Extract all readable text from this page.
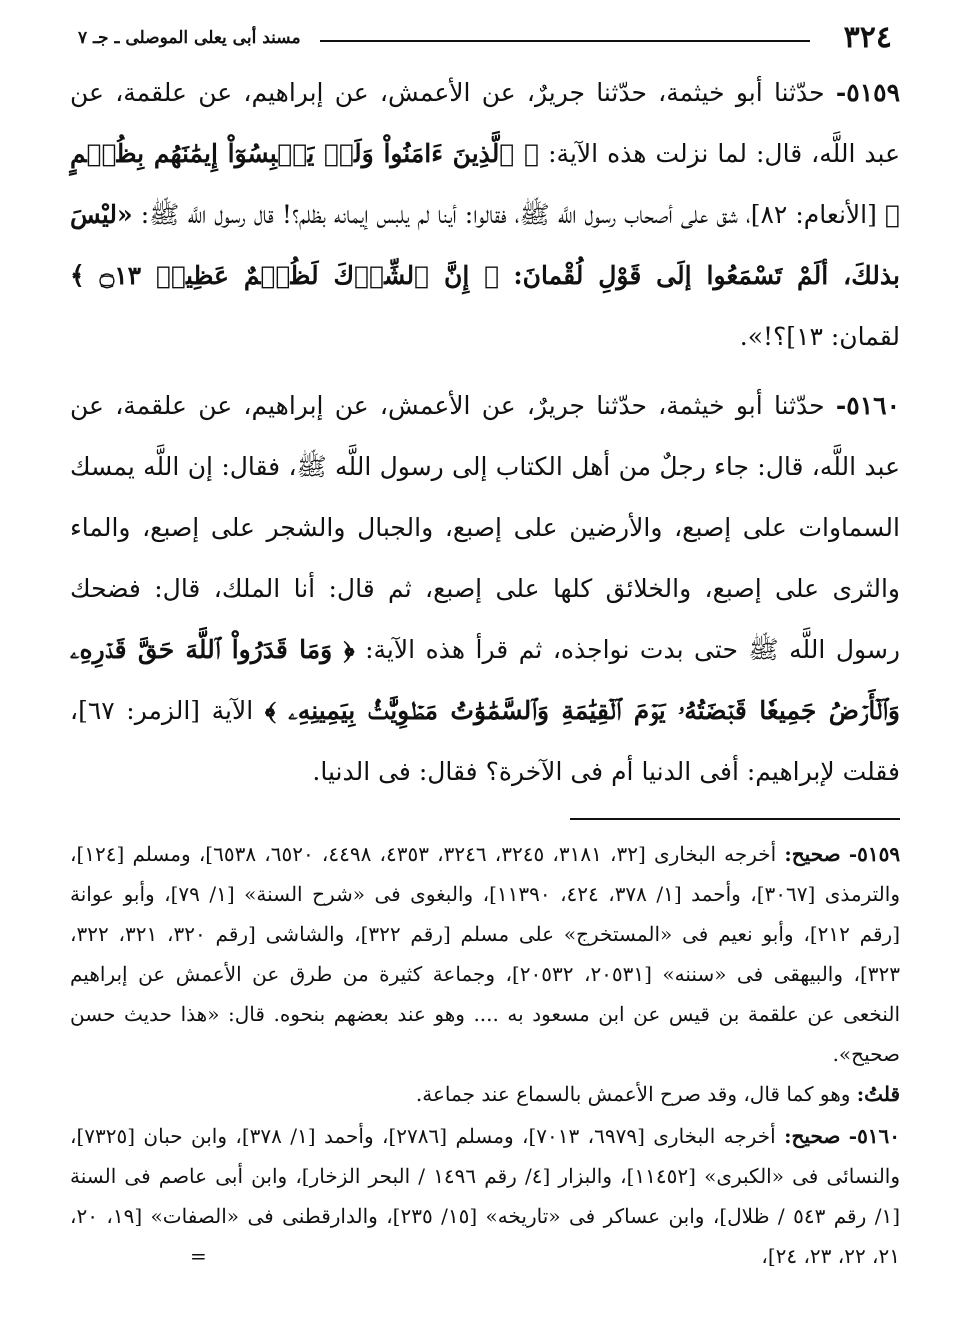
٣٢٤
مسند أبى يعلى الموصلى ـ جـ ٧

٥١٥٩- حدّثنا أبو خيثمة، حدّثنا جريرٌ، عن الأعمش، عن إبراهيم، عن علقمة، عن عبد اللَّه، قال: لما نزلت هذه الآية: ﴿ ٱلَّذِينَ ءَامَنُواْ وَلَمۡ يَلۡبِسُوٓاْ إِيمَٰنَهُم بِظُلۡمٍ ﴾ [الأنعام: ٨٢]، شق على أصحاب رسول اللَّه ﷺ، فقالوا: أينا لم يلبس إيمانه بظلم؟! قال رسول اللَّه ﷺ: «ليْسَ بذلكَ، ألَمْ تَسْمَعُوا إلَى قَوْلِ لُقْمانَ: ﴿ إِنَّ ٱلشِّرۡكَ لَظُلۡمٌ عَظِيمٞ ۝١٣ ﴾ لقمان: ١٣]؟!».

٥١٦٠- حدّثنا أبو خيثمة، حدّثنا جريرٌ، عن الأعمش، عن إبراهيم، عن علقمة، عن عبد اللَّه، قال: جاء رجلٌ من أهل الكتاب إلى رسول اللَّه ﷺ، فقال: إن اللَّه يمسك السماوات على إصبع، والأرضين على إصبع، والجبال والشجر على إصبع، والماء والثرى على إصبع، والخلائق كلها على إصبع، ثم قال: أنا الملك، قال: فضحك رسول اللَّه ﷺ حتى بدت نواجذه، ثم قرأ هذه الآية: ﴿ وَمَا قَدَرُواْ ٱللَّهَ حَقَّ قَدۡرِهِۦ وَٱلۡأَرۡضُ جَمِيعٗا قَبۡضَتُهُۥ يَوۡمَ ٱلۡقِيَٰمَةِ وَٱلسَّمَٰوَٰتُ مَطۡوِيَّٰتُۢ بِيَمِينِهِۦ ﴾ الآية [الزمر: ٦٧]، فقلت لإبراهيم: أفى الدنيا أم فى الآخرة؟ فقال: فى الدنيا.

٥١٥٩- صحيح: أخرجه البخارى [٣٢، ٣١٨١، ٣٢٤٥، ٣٢٤٦، ٤٣٥٣، ٤٤٩٨، ٦٥٢٠، ٦٥٣٨]، ومسلم [١٢٤]، والترمذى [٣٠٦٧]، وأحمد [١/ ٣٧٨، ٤٢٤، ١١٣٩٠]، والبغوى فى «شرح السنة» [١/ ٧٩]، وأبو عوانة [رقم ٢١٢]، وأبو نعيم فى «المستخرج» على مسلم [رقم ٣٢٢]، والشاشى [رقم ٣٢٠، ٣٢١، ٣٢٢، ٣٢٣]، والبيهقى فى «سننه» [٢٠٥٣١، ٢٠٥٣٢]، وجماعة كثيرة من طرق عن الأعمش عن إبراهيم النخعى عن علقمة بن قيس عن ابن مسعود به .... وهو عند بعضهم بنحوه. قال: «هذا حديث حسن صحيح».
قلتُ: وهو كما قال، وقد صرح الأعمش بالسماع عند جماعة.

٥١٦٠- صحيح: أخرجه البخارى [٦٩٧٩، ٧٠١٣]، ومسلم [٢٧٨٦]، وأحمد [١/ ٣٧٨]، وابن حبان [٧٣٢٥]، والنسائى فى «الكبرى» [١١٤٥٢]، والبزار [٤/ رقم ١٤٩٦ / البحر الزخار]، وابن أبى عاصم فى السنة [١/ رقم ٥٤٣ / ظلال]، وابن عساكر فى «تاريخه» [١٥/ ٢٣٥]، والدارقطنى فى «الصفات» [١٩، ٢٠، ٢١، ٢٢، ٢٣، ٢٤]،
=
